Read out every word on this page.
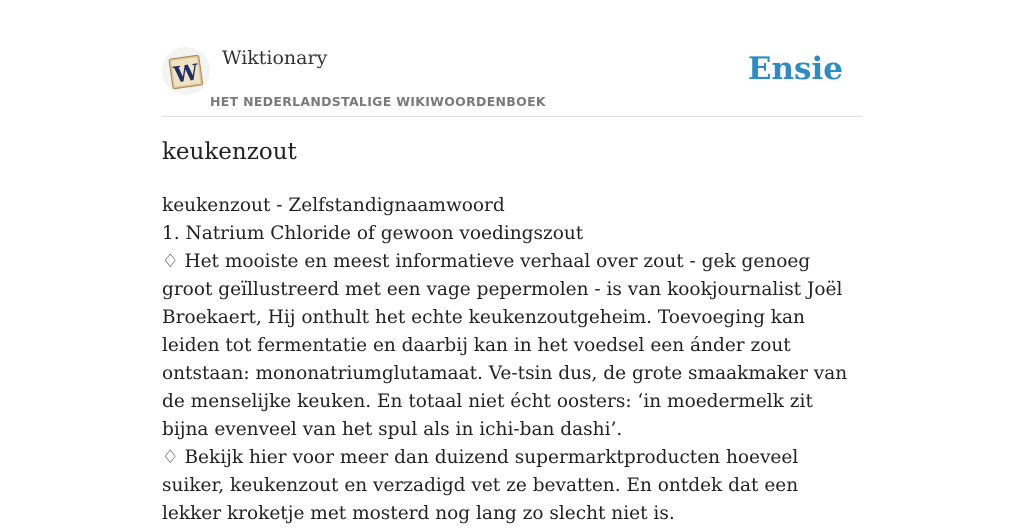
W
Wiktionary
HET NEDERLANDSTALIGE WIKIWOORDENBOEK
Ensie
keukenzout

keukenzout - Zelfstandignaamwoord

1. Natrium Chloride of gewoon voedingszout

♢ Het mooiste en meest informatieve verhaal over zout - gek genoeg groot geïllustreerd met een vage pepermolen - is van kookjournalist Joël Broekaert, Hij onthult het echte keukenzoutgeheim. Toevoeging kan leiden tot fermentatie en daarbij kan in het voedsel een ánder zout ontstaan: mononatriumglutamaat. Ve-tsin dus, de grote smaakmaker van de menselijke keuken. En totaal niet écht oosters: ‘in moedermelk zit bijna evenveel van het spul als in ichi-ban dashi’.

♢ Bekijk hier voor meer dan duizend supermarktproducten hoeveel suiker, keukenzout en verzadigd vet ze bevatten. En ontdek dat een lekker kroketje met mosterd nog lang zo slecht niet is.
